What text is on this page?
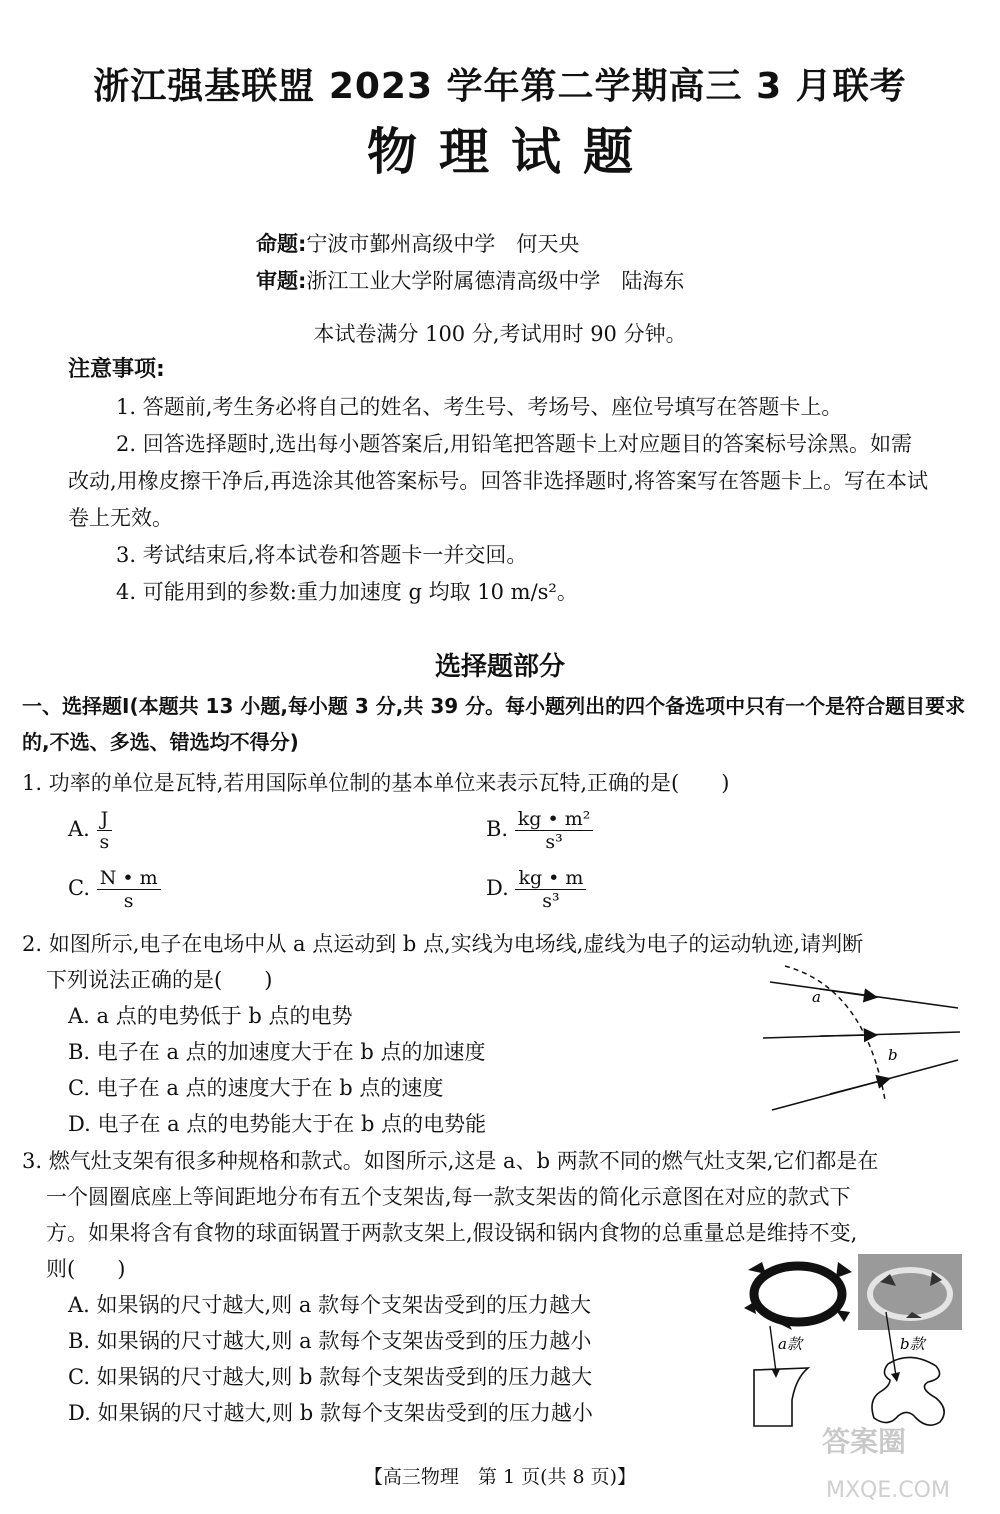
浙江强基联盟 2023 学年第二学期高三 3 月联考
物理试题
命题:宁波市鄞州高级中学　何天央
审题:浙江工业大学附属德清高级中学　陆海东
本试卷满分 100 分,考试用时 90 分钟。
注意事项:
1. 答题前,考生务必将自己的姓名、考生号、考场号、座位号填写在答题卡上。
2. 回答选择题时,选出每小题答案后,用铅笔把答题卡上对应题目的答案标号涂黑。如需改动,用橡皮擦干净后,再选涂其他答案标号。回答非选择题时,将答案写在答题卡上。写在本试卷上无效。
3. 考试结束后,将本试卷和答题卡一并交回。
4. 可能用到的参数:重力加速度 g 均取 10 m/s²。
选择题部分
一、选择题Ⅰ(本题共 13 小题,每小题 3 分,共 39 分。每小题列出的四个备选项中只有一个是符合题目要求的,不选、多选、错选均不得分)
1. 功率的单位是瓦特,若用国际单位制的基本单位来表示瓦特,正确的是(　　)
A. $\frac{J}{s}$	B. $\frac{\text{kg • m²}}{\text{s³}}$
C. $\frac{N • m}{s}$	D. $\frac{kg • m}{\text{s³}}$
2. 如图所示,电子在电场中从 a 点运动到 b 点,实线为电场线,虚线为电子的运动轨迹,请判断
下列说法正确的是(　　)
A. a 点的电势低于 b 点的电势
B. 电子在 a 点的加速度大于在 b 点的加速度
C. 电子在 a 点的速度大于在 b 点的速度
D. 电子在 a 点的电势能大于在 b 点的电势能
a
b
3. 燃气灶支架有很多种规格和款式。如图所示,这是 a、b 两款不同的燃气灶支架,它们都是在
一个圆圈底座上等间距地分布有五个支架齿,每一款支架齿的简化示意图在对应的款式下
方。如果将含有食物的球面锅置于两款支架上,假设锅和锅内食物的总重量总是维持不变,
则(　　)
A. 如果锅的尺寸越大,则 a 款每个支架齿受到的压力越大
B. 如果锅的尺寸越大,则 a 款每个支架齿受到的压力越小
C. 如果锅的尺寸越大,则 b 款每个支架齿受到的压力越大
D. 如果锅的尺寸越大,则 b 款每个支架齿受到的压力越小
a款	b款
【高三物理　第 1 页(共 8 页)】
答案圈
MXQE.COM
